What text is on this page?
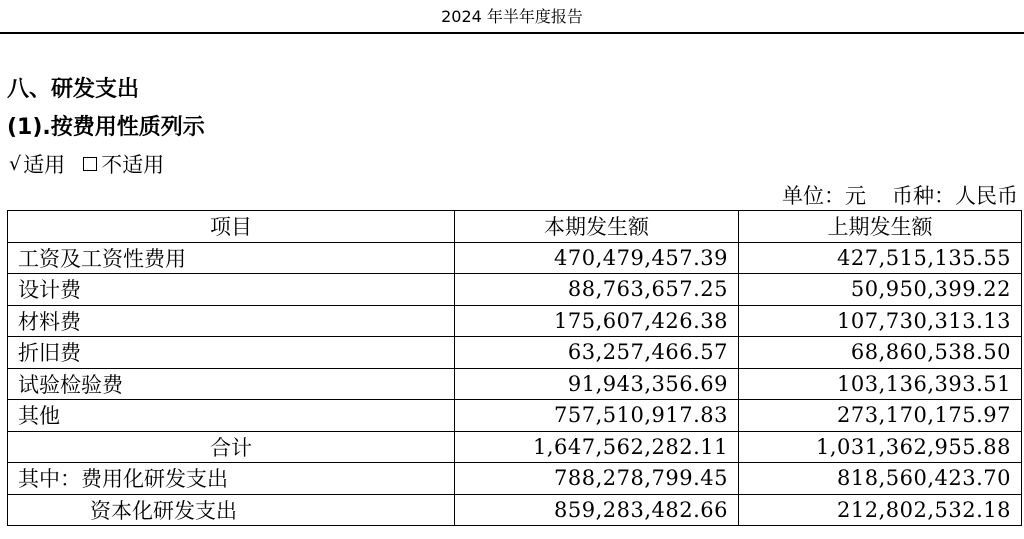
2024 年半年度报告
八、研发支出
(1).按费用性质列示
√ 适用 不适用
单位：元 币种：人民币
项目	本期发生额	上期发生额
工资及工资性费用	470,479,457.39	427,515,135.55
设计费	88,763,657.25	50,950,399.22
材料费	175,607,426.38	107,730,313.13
折旧费	63,257,466.57	68,860,538.50
试验检验费	91,943,356.69	103,136,393.51
其他	757,510,917.83	273,170,175.97
合计	1,647,562,282.11	1,031,362,955.88
其中：费用化研发支出	788,278,799.45	818,560,423.70
资本化研发支出	859,283,482.66	212,802,532.18
